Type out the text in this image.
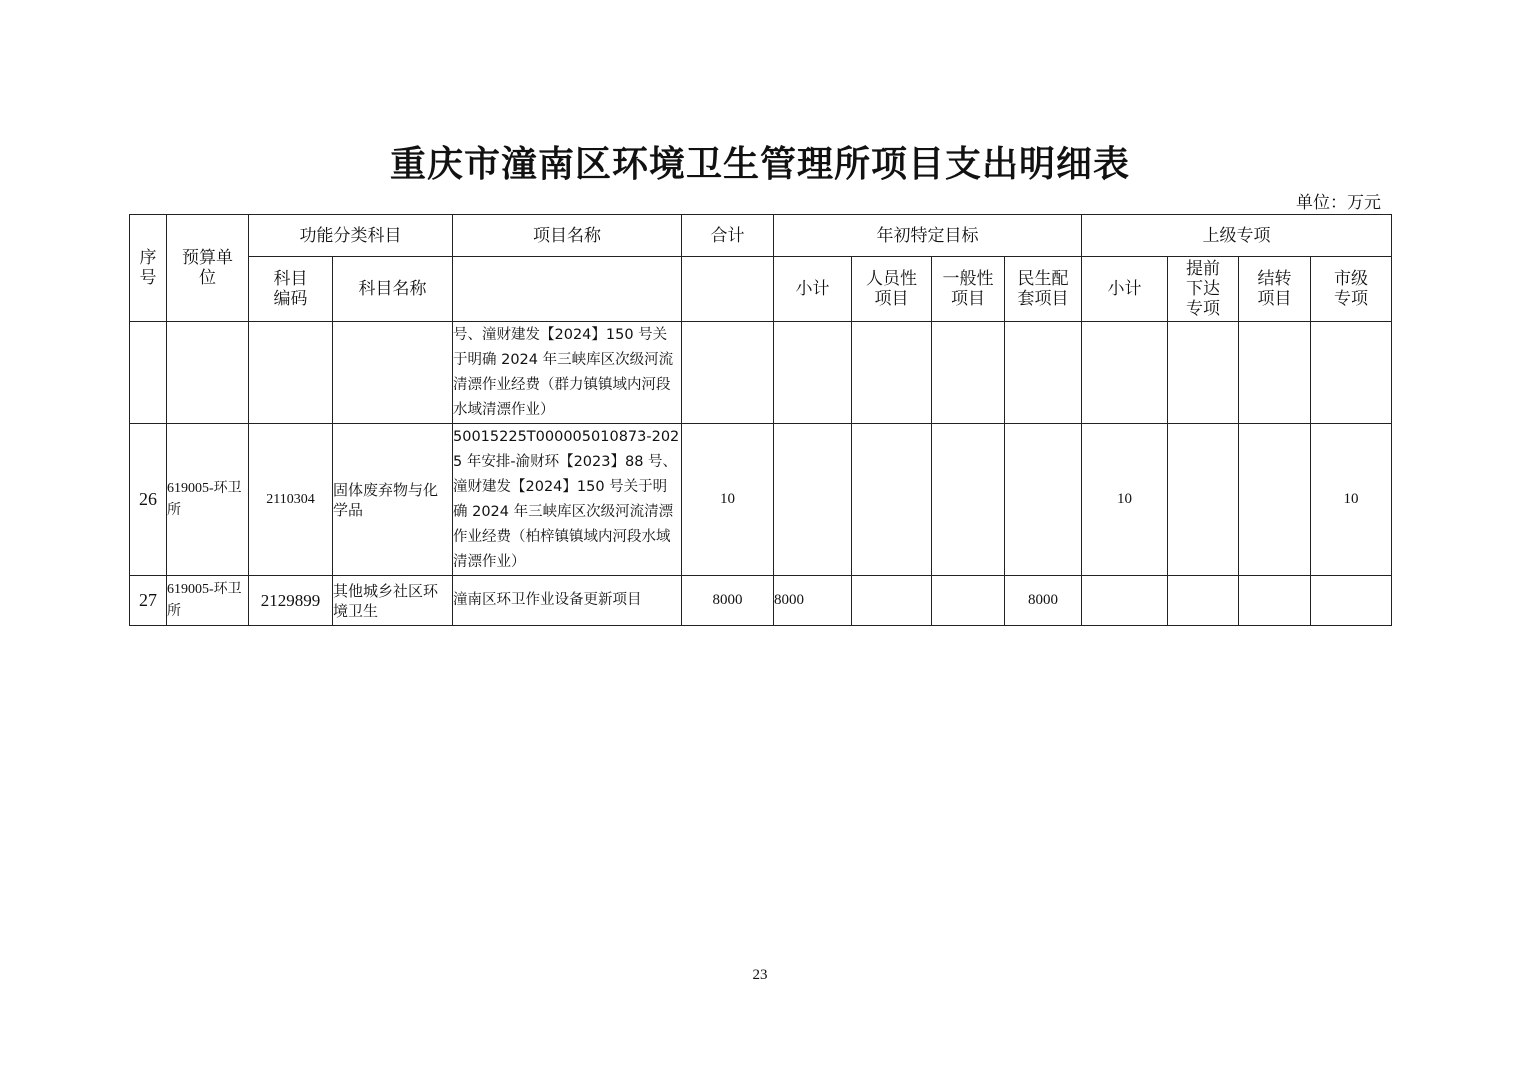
重庆市潼南区环境卫生管理所项目支出明细表
单位：万元
序号	预算单位	功能分类科目		项目名称	合计	年初特定目标				上级专项			
		科目编码	科目名称			小计	人员性项目	一般性项目	民生配套项目	小计	提前下达专项	结转项目	市级专项
				号、潼财建发【2024】150 号关于明确 2024 年三峡库区次级河流清漂作业经费（群力镇镇域内河段水域清漂作业）									
26	619005-环卫所	2110304	固体废弃物与化学品	50015225T000005010873-2025 年安排-渝财环【2023】88 号、潼财建发【2024】150 号关于明确 2024 年三峡库区次级河流清漂作业经费（柏梓镇镇域内河段水域清漂作业）	10					10			10
27	619005-环卫所	2129899	其他城乡社区环境卫生	潼南区环卫作业设备更新项目	8000	8000			8000				
23
